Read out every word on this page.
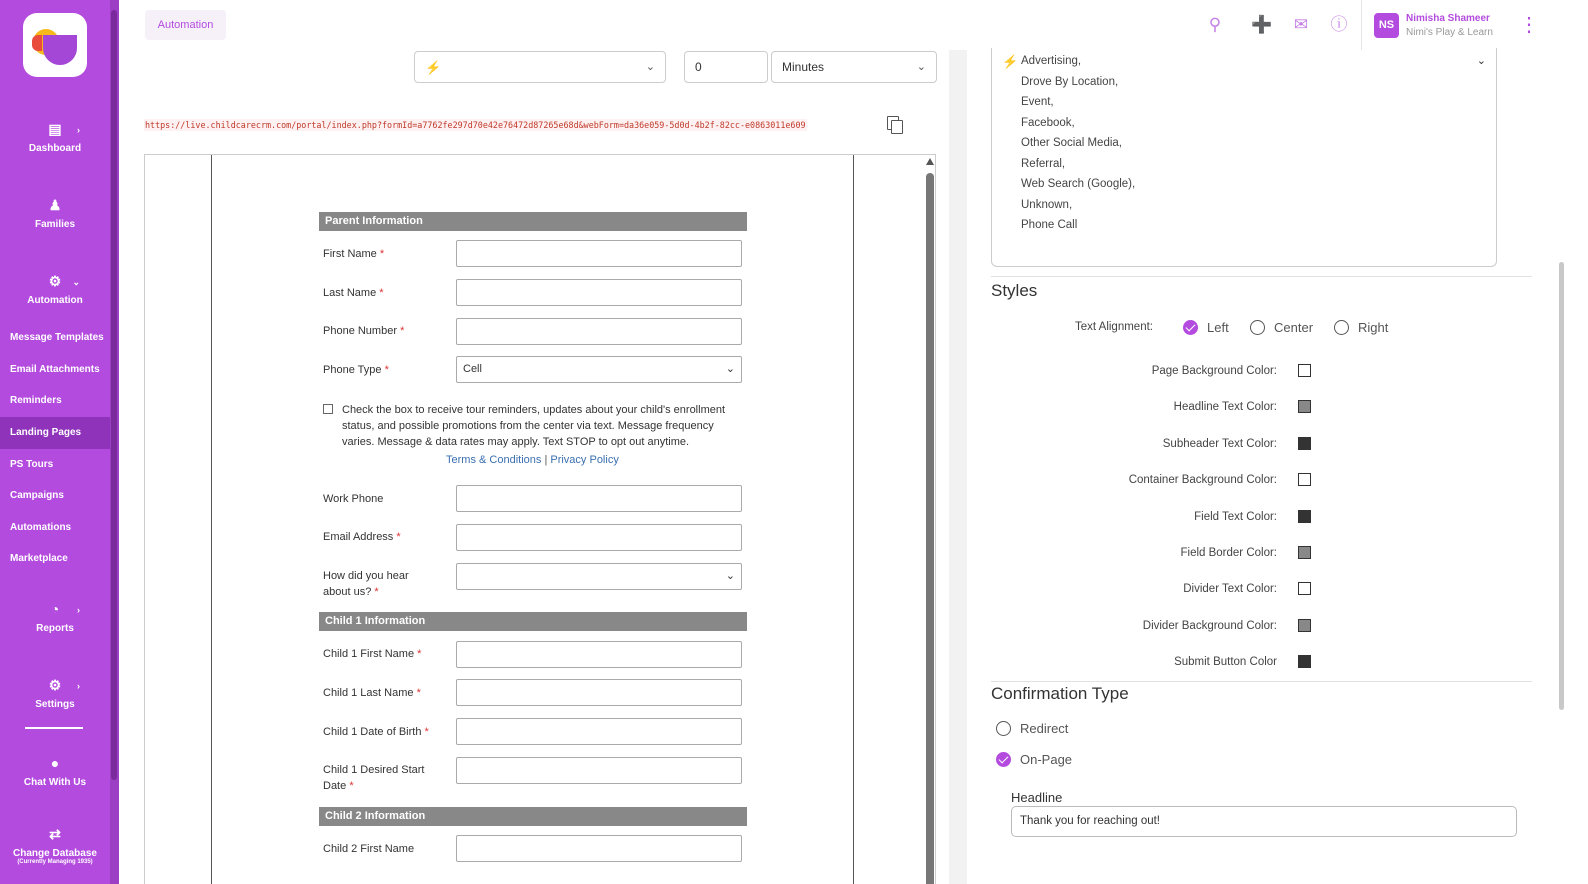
▤ ›
Dashboard
♟
Families
⚙ ⌄
Automation
Message Templates
Email Attachments
Reminders
Landing Pages
PS Tours
Campaigns
Automations
Marketplace
◔	›
Reports
⚙ ›
Settings
●
Chat With Us
⇄
Change Database
(Currently Managing 1935)
Automation	⚲ ➕ ✉ ⓘ	NS
Nimisha Shameer
Nimi's Play & Learn ⋮
⚡	⌄	0	Minutes	⌄
https://live.childcarecrm.com/portal/index.php?formId=a7762fe297d70e42e76472d87265e68d&webForm=da36e059-5d0d-4b2f-82cc-e0863011e609
Parent Information
First Name *
Last Name *
Phone Number *
Phone Type *	Cell	⌄
Check the box to receive tour reminders, updates about your child's enrollment status, and possible promotions from the center via text. Message frequency varies. Message & data rates may apply. Text STOP to opt out anytime.
Terms & Conditions | Privacy Policy
Work Phone
Email Address *
How did you hear
about us? *
⌄
Child 1 Information
Child 1 First Name *
Child 1 Last Name *
Child 1 Date of Birth *
Child 1 Desired Start
Date *
Child 2 Information
Child 2 First Name
⚡	⌄
Advertising,
Drove By Location,
Event,
Facebook,
Other Social Media,
Referral,
Web Search (Google),
Unknown,
Phone Call
Styles
Text Alignment:	Left	Center	Right
Page Background Color:
Headline Text Color:
Subheader Text Color:
Container Background Color:
Field Text Color:
Field Border Color:
Divider Text Color:
Divider Background Color:
Submit Button Color
Confirmation Type
Redirect
On-Page
Headline
Thank you for reaching out!
